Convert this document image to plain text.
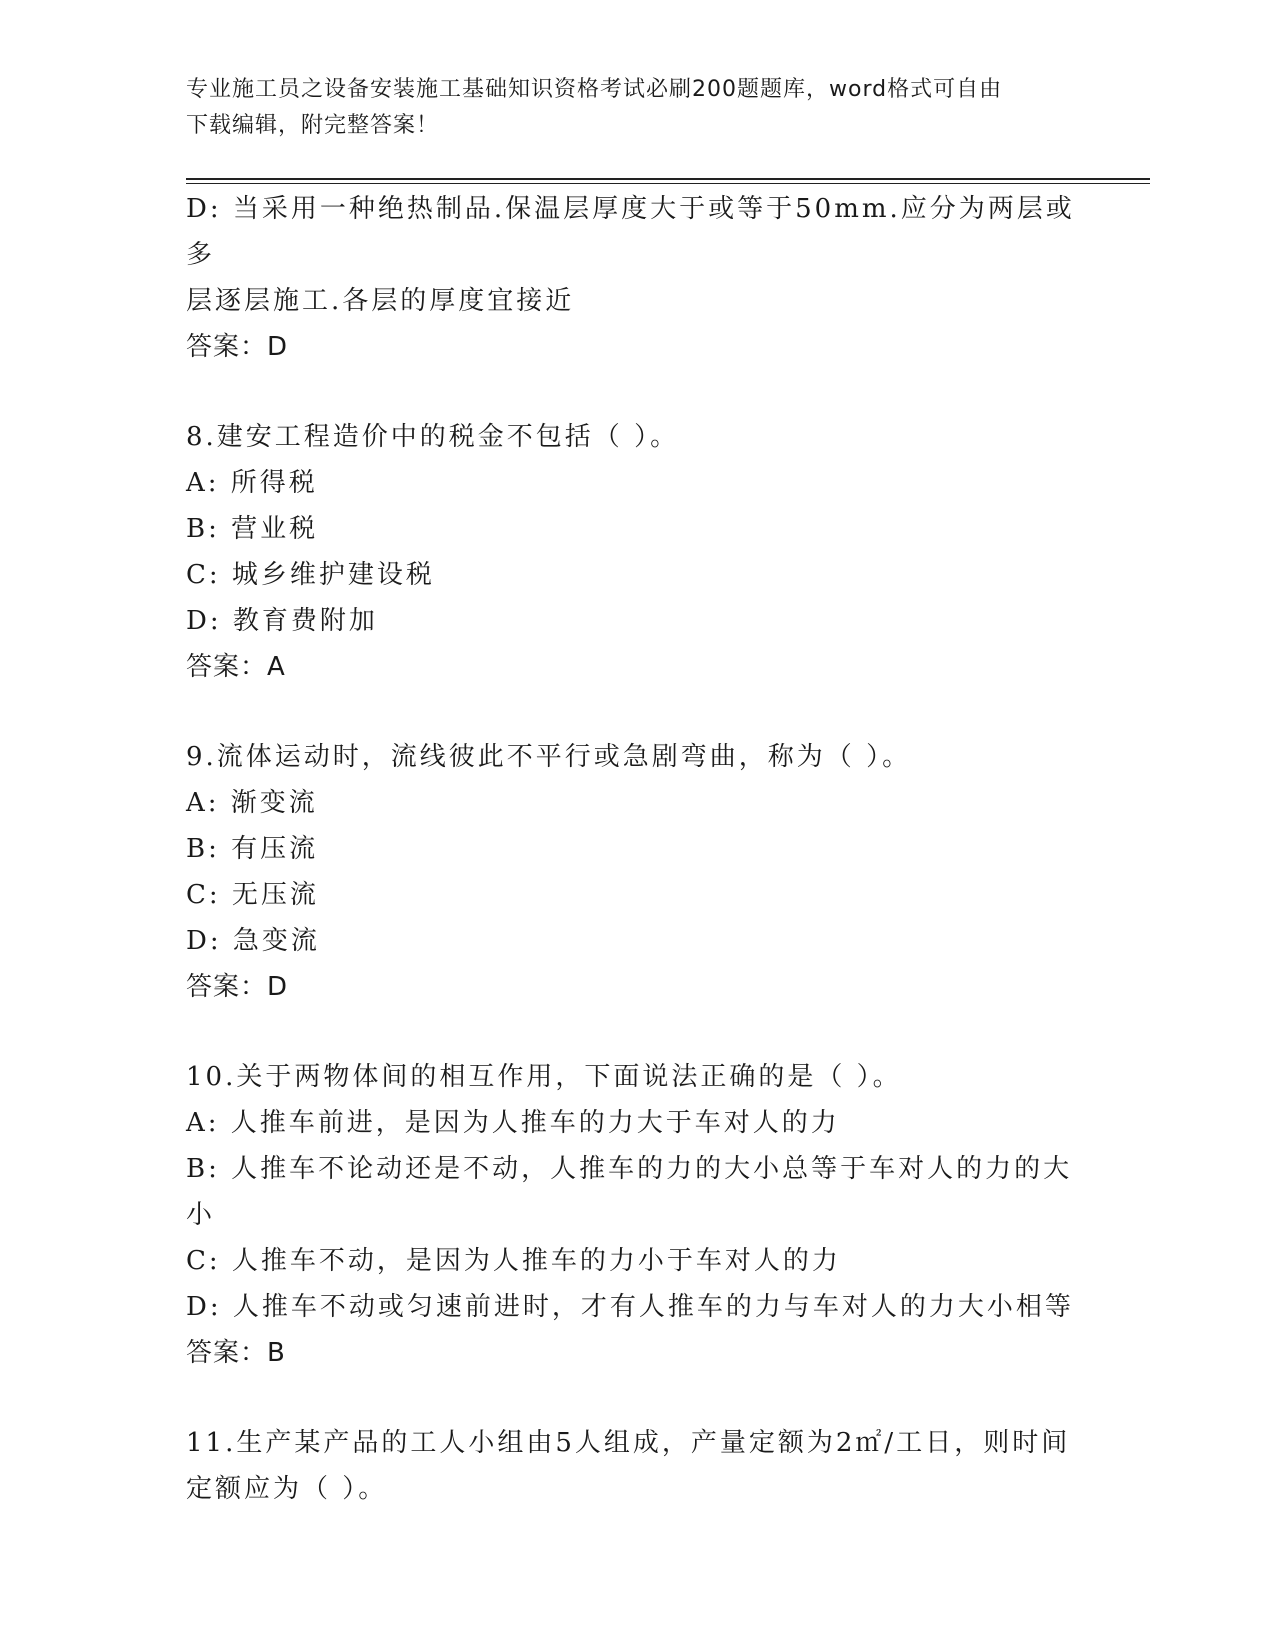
专业施工员之设备安装施工基础知识资格考试必刷200题题库，word格式可自由
下载编辑，附完整答案！
D: 当采用一种绝热制品.保温层厚度大于或等于50mm.应分为两层或多
层逐层施工.各层的厚度宜接近
答案：D
8.建安工程造价中的税金不包括（ ）。
A: 所得税
B: 营业税
C: 城乡维护建设税
D: 教育费附加
答案：A
9.流体运动时，流线彼此不平行或急剧弯曲，称为（ ）。
A: 渐变流
B: 有压流
C: 无压流
D: 急变流
答案：D
10.关于两物体间的相互作用，下面说法正确的是（ ）。
A: 人推车前进，是因为人推车的力大于车对人的力
B: 人推车不论动还是不动，人推车的力的大小总等于车对人的力的大
小
C: 人推车不动，是因为人推车的力小于车对人的力
D: 人推车不动或匀速前进时，才有人推车的力与车对人的力大小相等
答案：B
11.生产某产品的工人小组由5人组成，产量定额为2㎡/工日，则时间
定额应为（ ）。
